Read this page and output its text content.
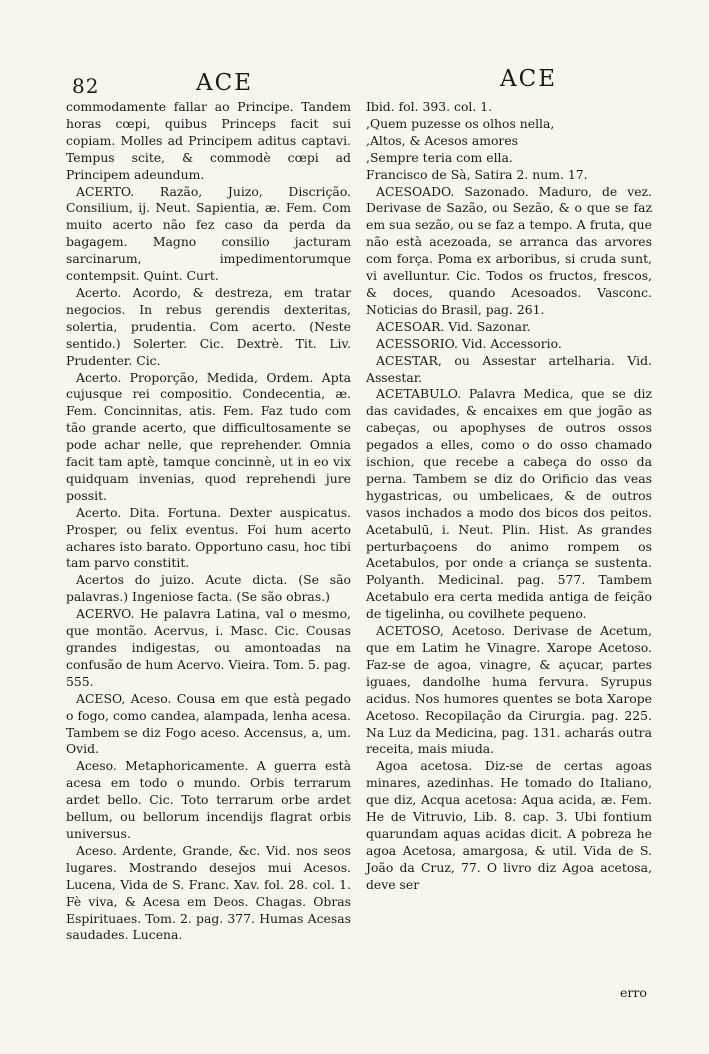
82	ACE	ACE

commodamente fallar ao Principe. Tandem horas cœpi, quibus Princeps facit sui copiam. Molles ad Principem aditus captavi. Tempus scite, & commodè cœpi ad Principem adeundum.

ACERTO. Razão, Juizo, Discrição. Consilium, ij. Neut. Sapientia, æ. Fem. Com muito acerto não fez caso da perda da bagagem. Magno consilio jacturam sarcinarum, impedimentorumque contempsit. Quint. Curt.

Acerto. Acordo, & destreza, em tratar negocios. In rebus gerendis dexteritas, solertia, prudentia. Com acerto. (Neste sentido.) Solerter. Cic. Dextrè. Tit. Liv. Prudenter. Cic.

Acerto. Proporção, Medida, Ordem. Apta cujusque rei compositio. Condecentia, æ. Fem. Concinnitas, atis. Fem. Faz tudo com tão grande acerto, que difficultosamente se pode achar nelle, que reprehender. Omnia facit tam aptè, tamque concinnè, ut in eo vix quidquam invenias, quod reprehendi jure possit.

Acerto. Dita. Fortuna. Dexter auspicatus. Prosper, ou felix eventus. Foi hum acerto achares isto barato. Opportuno casu, hoc tibi tam parvo constitit.

Acertos do juizo. Acute dicta. (Se são palavras.) Ingeniose facta. (Se são obras.)

ACERVO. He palavra Latina, val o mesmo, que montão. Acervus, i. Masc. Cic. Cousas grandes indigestas, ou amontoadas na confusão de hum Acervo. Vieira. Tom. 5. pag. 555.

ACESO, Aceso. Cousa em que està pegado o fogo, como candea, alampada, lenha acesa. Tambem se diz Fogo aceso. Accensus, a, um. Ovid.

Aceso. Metaphoricamente. A guerra està acesa em todo o mundo. Orbis terrarum ardet bello. Cic. Toto terrarum orbe ardet bellum, ou bellorum incendijs flagrat orbis universus.

Aceso. Ardente, Grande, &c. Vid. nos seos lugares. Mostrando desejos mui Acesos. Lucena, Vida de S. Franc. Xav. fol. 28. col. 1. Fè viva, & Acesa em Deos. Chagas. Obras Espirituaes. Tom. 2. pag. 377. Humas Acesas saudades. Lucena.

Ibid. fol. 393. col. 1.

,Quem puzesse os olhos nella,

,Altos, & Acesos amores

,Sempre teria com ella.

Francisco de Sà, Satira 2. num. 17.

ACESOADO. Sazonado. Maduro, de vez. Derivase de Sazão, ou Sezão, & o que se faz em sua sezão, ou se faz a tempo. A fruta, que não està acezoada, se arranca das arvores com força. Poma ex arboribus, si cruda sunt, vi avelluntur. Cic. Todos os fructos, frescos, & doces, quando Acesoados. Vasconc. Noticias do Brasil, pag. 261.

ACESOAR. Vid. Sazonar.

ACESSORIO. Vid. Accessorio.

ACESTAR, ou Assestar artelharia. Vid. Assestar.

ACETABULO. Palavra Medica, que se diz das cavidades, & encaixes em que jogão as cabeças, ou apophyses de outros ossos pegados a elles, como o do osso chamado ischion, que recebe a cabeça do osso da perna. Tambem se diz do Orificio das veas hygastricas, ou umbelicaes, & de outros vasos inchados a modo dos bicos dos peitos. Acetabulū, i. Neut. Plin. Hist. As grandes perturbaçoens do animo rompem os Acetabulos, por onde a criança se sustenta. Polyanth. Medicinal. pag. 577. Tambem Acetabulo era certa medida antiga de feição de tigelinha, ou covilhete pequeno.

ACETOSO, Acetoso. Derivase de Acetum, que em Latim he Vinagre. Xarope Acetoso. Faz-se de agoa, vinagre, & açucar, partes iguaes, dandolhe huma fervura. Syrupus acidus. Nos humores quentes se bota Xarope Acetoso. Recopilação da Cirurgia. pag. 225. Na Luz da Medicina, pag. 131. acharás outra receita, mais miuda.

Agoa acetosa. Diz-se de certas agoas minares, azedinhas. He tomado do Italiano, que diz, Acqua acetosa: Aqua acida, æ. Fem. He de Vitruvio, Lib. 8. cap. 3. Ubi fontium quarundam aquas acidas dicit. A pobreza he agoa Acetosa, amargosa, & util. Vida de S. João da Cruz, 77. O livro diz Agoa acetosa, deve ser

erro
